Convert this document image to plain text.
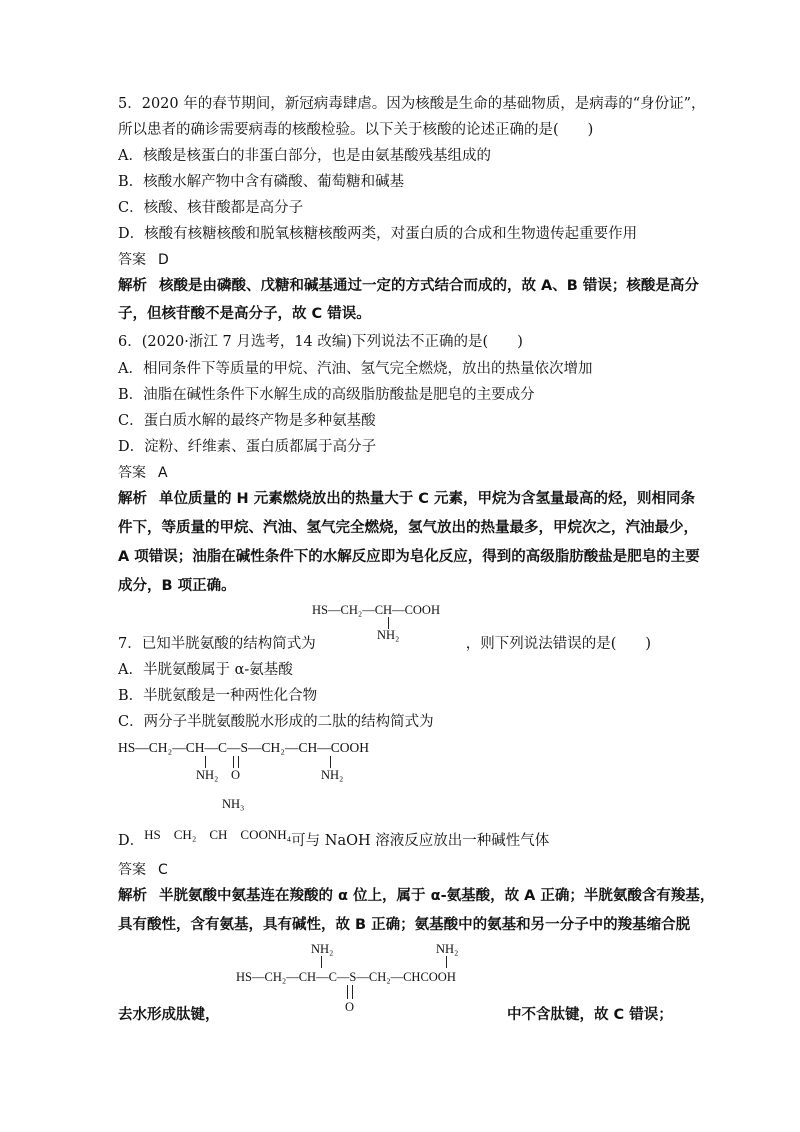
5．2020 年的春节期间，新冠病毒肆虐。因为核酸是生命的基础物质，是病毒的“身份证”，
所以患者的确诊需要病毒的核酸检验。以下关于核酸的论述正确的是(　　)
A．核酸是核蛋白的非蛋白部分，也是由氨基酸残基组成的
B．核酸水解产物中含有磷酸、葡萄糖和碱基
C．核酸、核苷酸都是高分子
D．核酸有核糖核酸和脱氧核糖核酸两类，对蛋白质的合成和生物遗传起重要作用
答案 D
解析 核酸是由磷酸、戊糖和碱基通过一定的方式结合而成的，故 A、B 错误；核酸是高分
子，但核苷酸不是高分子，故 C 错误。
6．(2020·浙江 7 月选考，14 改编)下列说法不正确的是(　　)
A．相同条件下等质量的甲烷、汽油、氢气完全燃烧，放出的热量依次增加
B．油脂在碱性条件下水解生成的高级脂肪酸盐是肥皂的主要成分
C．蛋白质水解的最终产物是多种氨基酸
D．淀粉、纤维素、蛋白质都属于高分子
答案 A
解析 单位质量的 H 元素燃烧放出的热量大于 C 元素，甲烷为含氢量最高的烃，则相同条
件下，等质量的甲烷、汽油、氢气完全燃烧，氢气放出的热量最多，甲烷次之，汽油最少，
A 项错误；油脂在碱性条件下的水解反应即为皂化反应，得到的高级脂肪酸盐是肥皂的主要
成分，B 项正确。
HS—CH₂—CH—COOH
NH₂
7．已知半胱氨酸的结构简式为	，则下列说法错误的是(　　)
A．半胱氨酸属于 α-氨基酸
B．半胱氨酸是一种两性化合物
C．两分子半胱氨酸脱水形成的二肽的结构简式为
HS—CH₂—CH—C—S—CH₂—CH—COOH
NH₂ O	NH₂
NH₃
D．HS　CH₂　CH　COONH₄可与 NaOH 溶液反应放出一种碱性气体
答案 C
解析 半胱氨酸中氨基连在羧酸的 α 位上，属于 α-氨基酸，故 A 正确；半胱氨酸含有羧基，
具有酸性，含有氨基，具有碱性，故 B 正确；氨基酸中的氨基和另一分子中的羧基缩合脱
NH₂	NH₂
HS—CH₂—CH—C—S—CH₂—CHCOOH
O
去水形成肽键，	中不含肽键，故 C 错误；
